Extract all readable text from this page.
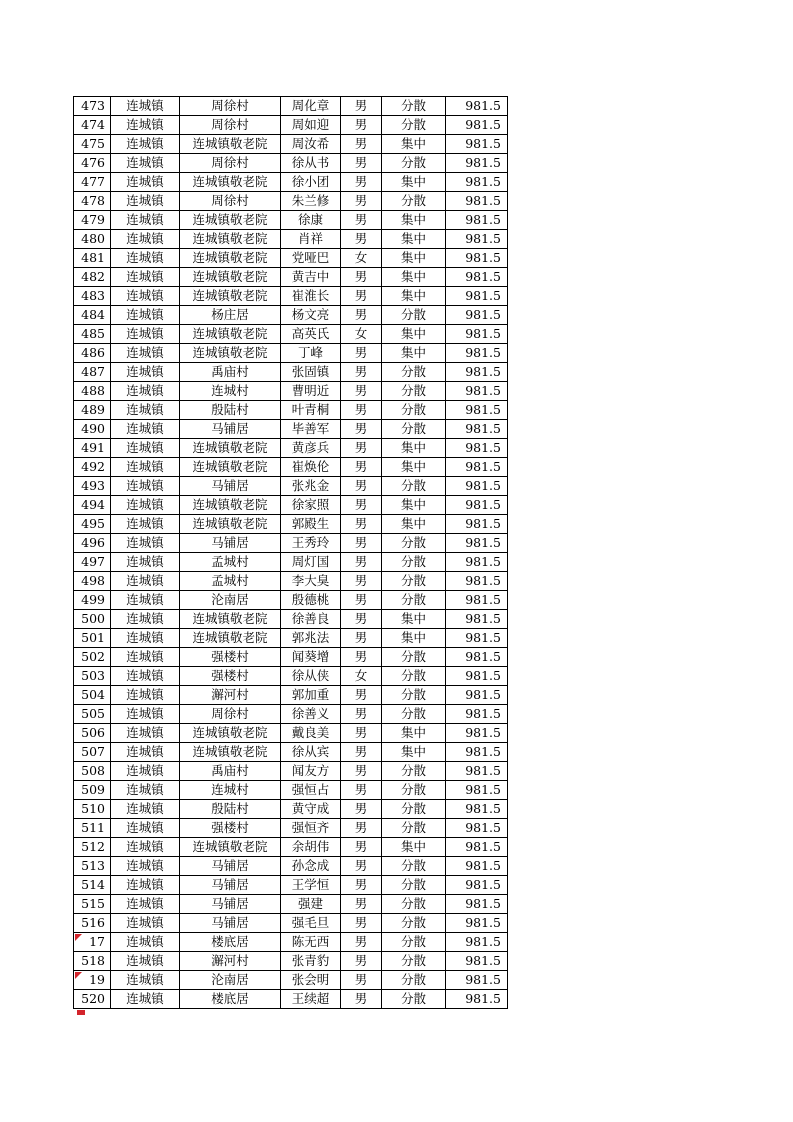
473	连城镇	周徐村	周化章	男	分散	981.5
474	连城镇	周徐村	周如迎	男	分散	981.5
475	连城镇	连城镇敬老院	周汝希	男	集中	981.5
476	连城镇	周徐村	徐从书	男	分散	981.5
477	连城镇	连城镇敬老院	徐小团	男	集中	981.5
478	连城镇	周徐村	朱兰修	男	分散	981.5
479	连城镇	连城镇敬老院	徐康	男	集中	981.5
480	连城镇	连城镇敬老院	肖祥	男	集中	981.5
481	连城镇	连城镇敬老院	党哑巴	女	集中	981.5
482	连城镇	连城镇敬老院	黄吉中	男	集中	981.5
483	连城镇	连城镇敬老院	崔淮长	男	集中	981.5
484	连城镇	杨庄居	杨文亮	男	分散	981.5
485	连城镇	连城镇敬老院	高英氏	女	集中	981.5
486	连城镇	连城镇敬老院	丁峰	男	集中	981.5
487	连城镇	禹庙村	张固镇	男	分散	981.5
488	连城镇	连城村	曹明近	男	分散	981.5
489	连城镇	殷陆村	叶青桐	男	分散	981.5
490	连城镇	马铺居	毕善军	男	分散	981.5
491	连城镇	连城镇敬老院	黄彦兵	男	集中	981.5
492	连城镇	连城镇敬老院	崔焕伦	男	集中	981.5
493	连城镇	马铺居	张兆金	男	分散	981.5
494	连城镇	连城镇敬老院	徐家照	男	集中	981.5
495	连城镇	连城镇敬老院	郭殿生	男	集中	981.5
496	连城镇	马铺居	王秀玲	男	分散	981.5
497	连城镇	孟城村	周灯国	男	分散	981.5
498	连城镇	孟城村	李大臭	男	分散	981.5
499	连城镇	沦南居	殷德桃	男	分散	981.5
500	连城镇	连城镇敬老院	徐善良	男	集中	981.5
501	连城镇	连城镇敬老院	郭兆法	男	集中	981.5
502	连城镇	强楼村	闻葵增	男	分散	981.5
503	连城镇	强楼村	徐从侠	女	分散	981.5
504	连城镇	澥河村	郭加重	男	分散	981.5
505	连城镇	周徐村	徐善义	男	分散	981.5
506	连城镇	连城镇敬老院	戴良美	男	集中	981.5
507	连城镇	连城镇敬老院	徐从宾	男	集中	981.5
508	连城镇	禹庙村	闻友方	男	分散	981.5
509	连城镇	连城村	强恒占	男	分散	981.5
510	连城镇	殷陆村	黄守成	男	分散	981.5
511	连城镇	强楼村	强恒齐	男	分散	981.5
512	连城镇	连城镇敬老院	余胡伟	男	集中	981.5
513	连城镇	马铺居	孙念成	男	分散	981.5
514	连城镇	马铺居	王学恒	男	分散	981.5
515	连城镇	马铺居	强建	男	分散	981.5
516	连城镇	马铺居	强毛旦	男	分散	981.5
17	连城镇	楼底居	陈无西	男	分散	981.5
518	连城镇	澥河村	张青豹	男	分散	981.5
19	连城镇	沦南居	张会明	男	分散	981.5
520	连城镇	楼底居	王续超	男	分散	981.5
